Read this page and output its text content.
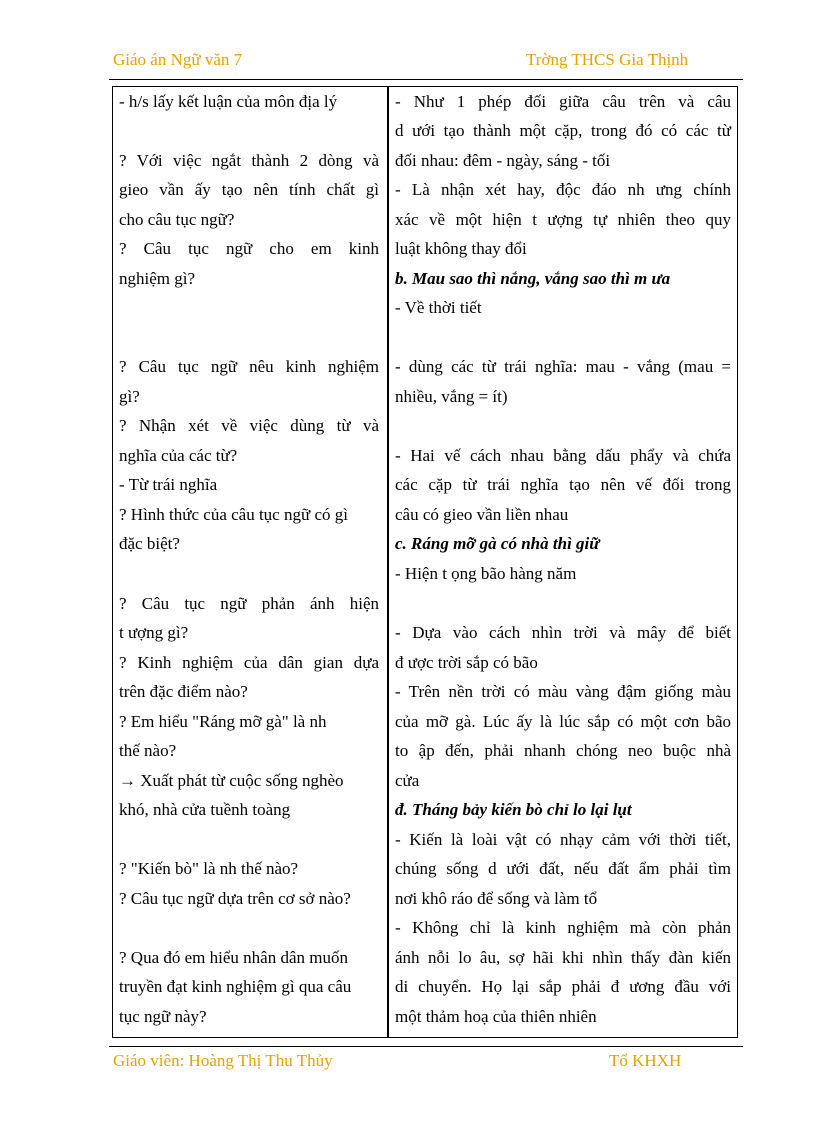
Giáo án Ngữ văn 7	Trờng THCS Gia Thịnh
- h/s lấy kết luận của môn địa lý
? Với việc ngắt thành 2 dòng và
gieo vần ấy tạo nên tính chất gì
cho câu tục ngữ?
? Câu tục ngữ cho em kinh
nghiệm gì?
? Câu tục ngữ nêu kinh nghiệm
gì?
? Nhận xét về việc dùng từ và
nghĩa của các từ?
- Từ trái nghĩa
? Hình thức của câu tục ngữ có gì
đặc biệt?
? Câu tục ngữ phản ánh hiện
t ượng gì?
? Kinh nghiệm của dân gian dựa
trên đặc điểm nào?
? Em hiểu "Ráng mỡ gà" là nh
thế nào?
→ Xuất phát từ cuộc sống nghèo
khó, nhà cửa tuềnh toàng
? "Kiến bò" là nh thế nào?
? Câu tục ngữ dựa trên cơ sở nào?
? Qua đó em hiểu nhân dân muốn
truyền đạt kinh nghiệm gì qua câu
tục ngữ này?
- Như 1 phép đối giữa câu trên và câu
d ưới tạo thành một cặp, trong đó có các từ
đối nhau: đêm - ngày, sáng - tối
- Là nhận xét hay, độc đáo nh ưng chính
xác về một hiện t ượng tự nhiên theo quy
luật không thay đổi
b. Mau sao thì nắng, vắng sao thì m ưa
- Về thời tiết
- dùng các từ trái nghĩa: mau - vắng (mau =
nhiều, vắng = ít)
- Hai vế cách nhau bằng dấu phẩy và chứa
các cặp từ trái nghĩa tạo nên vế đối trong
câu có gieo vần liền nhau
c. Ráng mỡ gà có nhà thì giữ
- Hiện t ọng bão hàng năm
- Dựa vào cách nhìn trời và mây để biết
đ ược trời sắp có bão
- Trên nền trời có màu vàng đậm giống màu
của mỡ gà. Lúc ấy là lúc sắp có một cơn bão
to ập đến, phải nhanh chóng neo buộc nhà
cửa
đ. Tháng bảy kiến bò chỉ lo lại lụt
- Kiến là loài vật có nhạy cảm với thời tiết,
chúng sống d ưới đất, nếu đất ẩm phải tìm
nơi khô ráo để sống và làm tổ
- Không chỉ là kinh nghiệm mà còn phản
ánh nỗi lo âu, sợ hãi khi nhìn thấy đàn kiến
di chuyển. Họ lại sắp phải đ ương đầu với
một thảm hoạ của thiên nhiên
Giáo viên: Hoàng Thị Thu Thủy	Tổ KHXH
